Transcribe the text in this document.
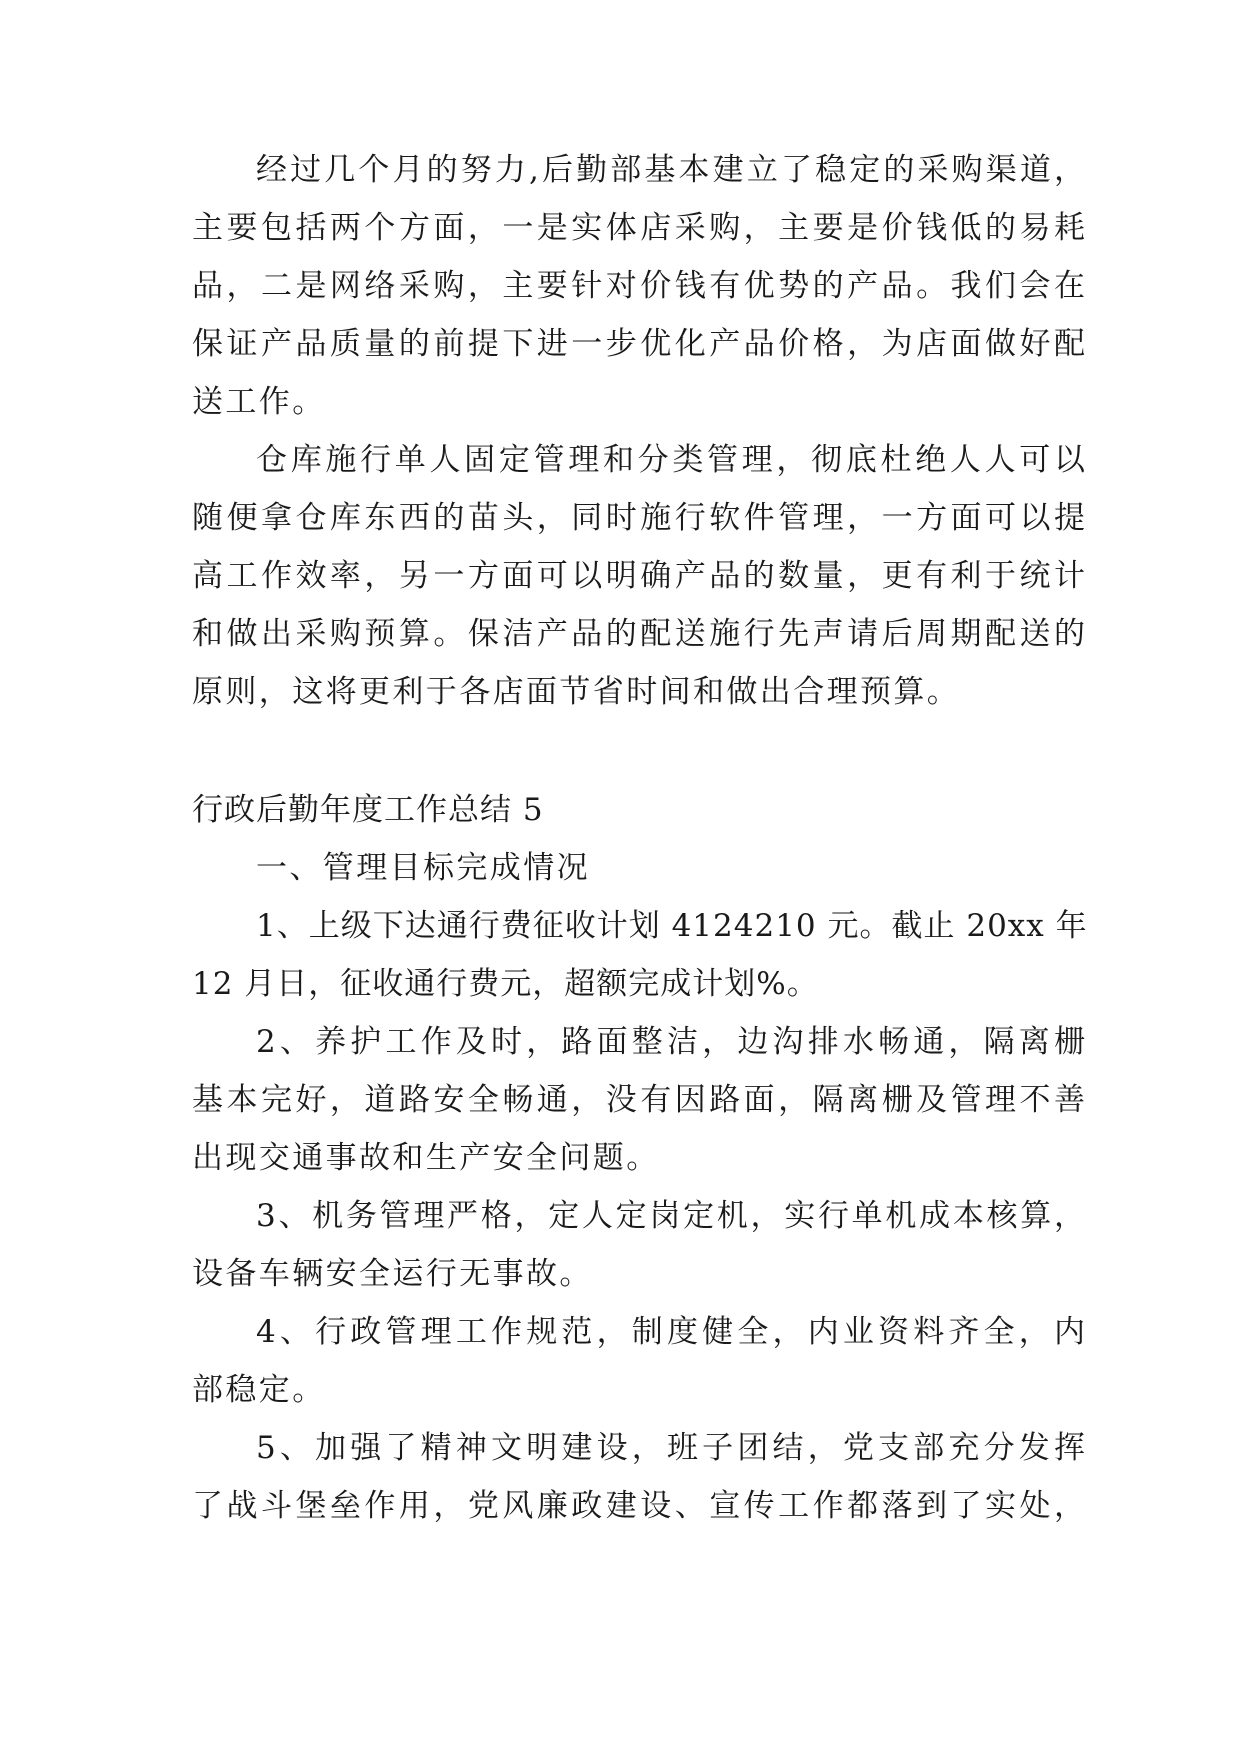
经过几个月的努力,后勤部基本建立了稳定的采购渠道，
主要包括两个方面，一是实体店采购，主要是价钱低的易耗
品，二是网络采购，主要针对价钱有优势的产品。我们会在
保证产品质量的前提下进一步优化产品价格，为店面做好配
送工作。
仓库施行单人固定管理和分类管理，彻底杜绝人人可以
随便拿仓库东西的苗头，同时施行软件管理，一方面可以提
高工作效率，另一方面可以明确产品的数量，更有利于统计
和做出采购预算。保洁产品的配送施行先声请后周期配送的
原则，这将更利于各店面节省时间和做出合理预算。
行政后勤年度工作总结 5
一、管理目标完成情况
1、上级下达通行费征收计划 4124210 元。截止 20xx 年
12 月日，征收通行费元，超额完成计划%。
2、养护工作及时，路面整洁，边沟排水畅通，隔离栅
基本完好，道路安全畅通，没有因路面，隔离栅及管理不善
出现交通事故和生产安全问题。
3、机务管理严格，定人定岗定机，实行单机成本核算，
设备车辆安全运行无事故。
4、行政管理工作规范，制度健全，内业资料齐全，内
部稳定。
5、加强了精神文明建设，班子团结，党支部充分发挥
了战斗堡垒作用，党风廉政建设、宣传工作都落到了实处，
